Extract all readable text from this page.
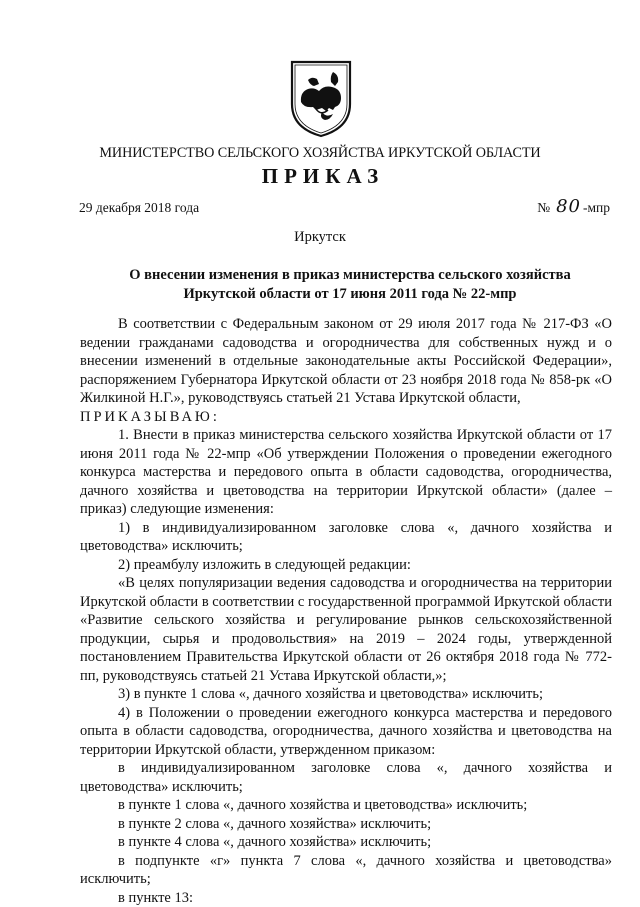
МИНИСТЕРСТВО СЕЛЬСКОГО ХОЗЯЙСТВА ИРКУТСКОЙ ОБЛАСТИ
ПРИКАЗ
29 декабря 2018 года	№ 80 -мпр
Иркутск
О внесении изменения в приказ министерства сельского хозяйства
Иркутской области от 17 июня 2011 года № 22-мпр

В соответствии с Федеральным законом от 29 июля 2017 года № 217-ФЗ «О ведении гражданами садоводства и огородничества для собственных нужд и о внесении изменений в отдельные законодательные акты Российской Федерации», распоряжением Губернатора Иркутской области от 23 ноября 2018 года № 858-рк «О Жилкиной Н.Г.», руководствуясь статьей 21 Устава Иркутской области,

ПРИКАЗЫВАЮ:

1. Внести в приказ министерства сельского хозяйства Иркутской области от 17 июня 2011 года № 22-мпр «Об утверждении Положения о проведении ежегодного конкурса мастерства и передового опыта в области садоводства, огородничества, дачного хозяйства и цветоводства на территории Иркутской области» (далее – приказ) следующие изменения:

1) в индивидуализированном заголовке слова «, дачного хозяйства и цветоводства» исключить;

2) преамбулу изложить в следующей редакции:

«В целях популяризации ведения садоводства и огородничества на территории Иркутской области в соответствии с государственной программой Иркутской области «Развитие сельского хозяйства и регулирование рынков сельскохозяйственной продукции, сырья и продовольствия» на 2019 – 2024 годы, утвержденной постановлением Правительства Иркутской области от 26 октября 2018 года № 772-пп, руководствуясь статьей 21 Устава Иркутской области,»;

3) в пункте 1 слова «, дачного хозяйства и цветоводства» исключить;

4) в Положении о проведении ежегодного конкурса мастерства и передового опыта в области садоводства, огородничества, дачного хозяйства и цветоводства на территории Иркутской области, утвержденном приказом:

в индивидуализированном заголовке слова «, дачного хозяйства и цветоводства» исключить;

в пункте 1 слова «, дачного хозяйства и цветоводства» исключить;

в пункте 2 слова «, дачного хозяйства» исключить;

в пункте 4 слова «, дачного хозяйства» исключить;

в подпункте «г» пункта 7 слова «, дачного хозяйства и цветоводства» исключить;

в пункте 13:
